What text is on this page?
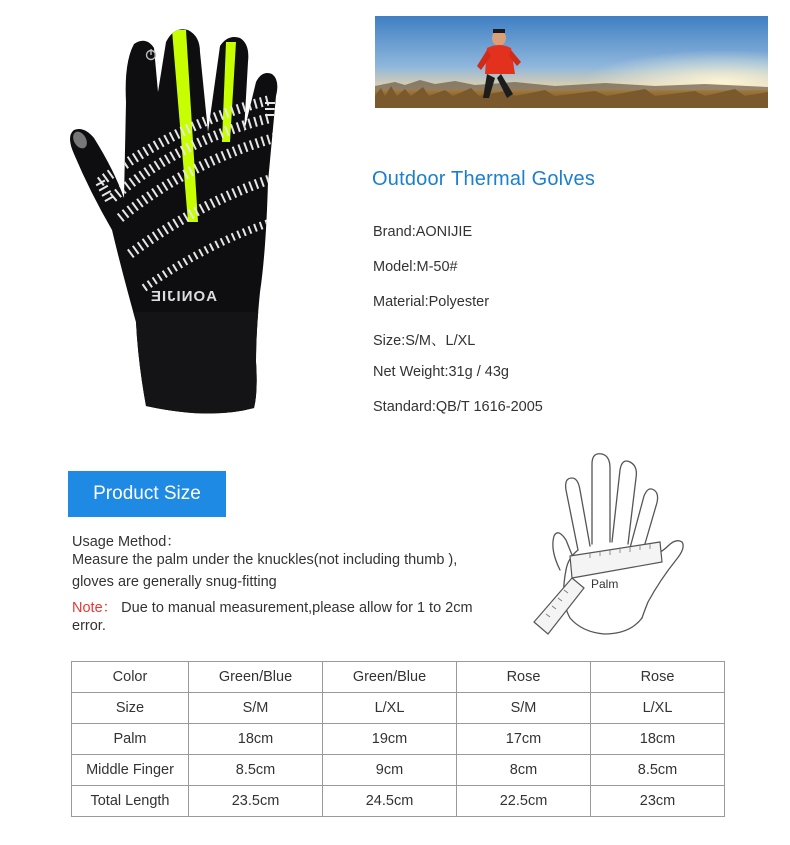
AONIJIE
Outdoor Thermal Golves
Brand:AONIJIE
Model:M-50#
Material:Polyester
Size:S/M、L/XL
Net Weight:31g / 43g
Standard:QB/T 1616-2005
Product Size
Usage Method：
Measure the palm under the knuckles(not including thumb ),
gloves are generally snug-fitting
Note： Due to manual measurement,please allow for 1 to 2cm
error.
Palm
Color	Green/Blue	Green/Blue	Rose	Rose
Size	S/M	L/XL	S/M	L/XL
Palm	18cm	19cm	17cm	18cm
Middle Finger	8.5cm	9cm	8cm	8.5cm
Total Length	23.5cm	24.5cm	22.5cm	23cm
